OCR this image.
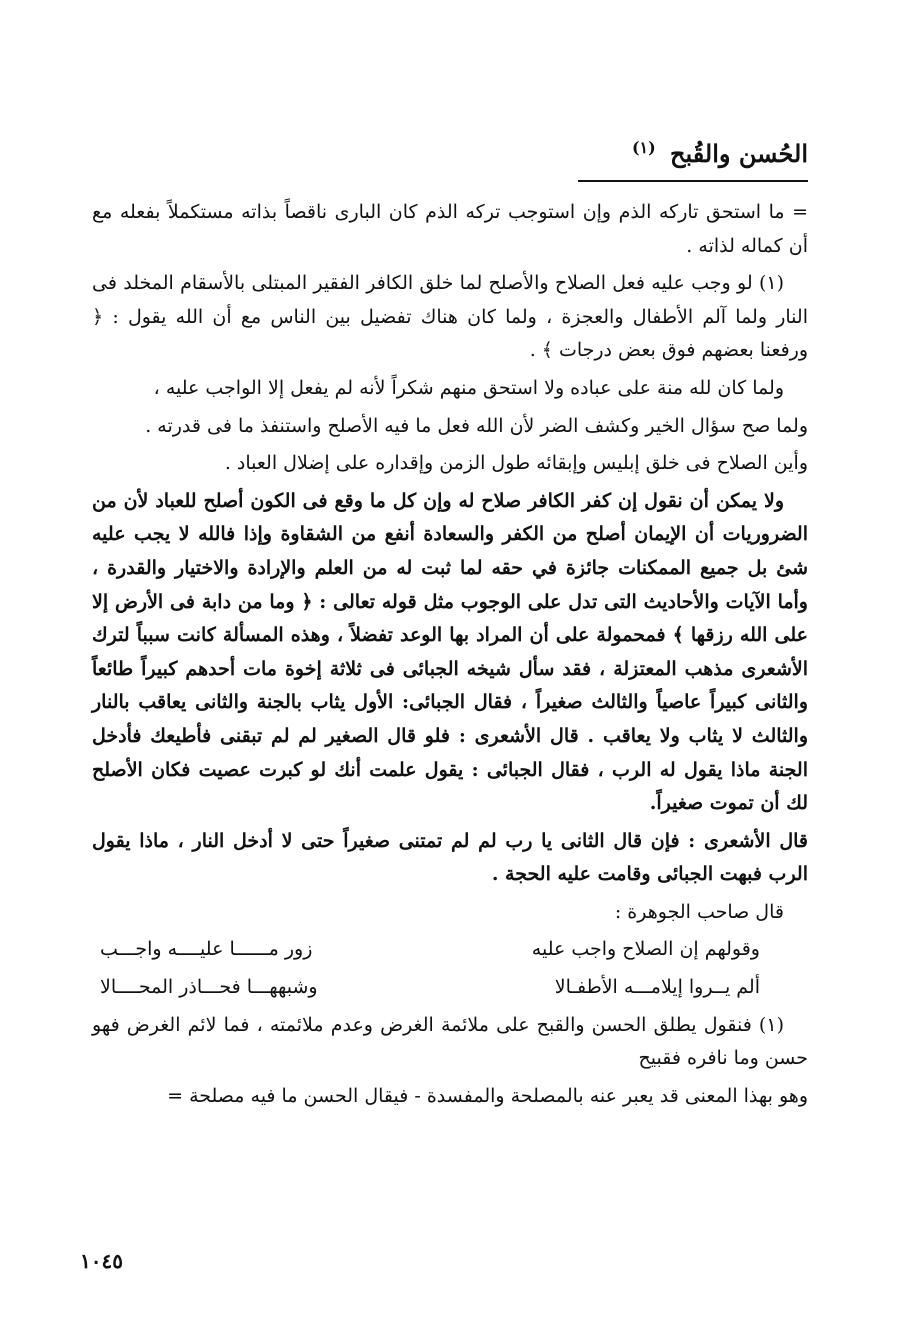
الحُسن والقُبح $^{(١)}$

= ما استحق تاركه الذم وإن استوجب تركه الذم كان البارى ناقصاً بذاته مستكملاً بفعله مع أن كماله لذاته .

(١) لو وجب عليه فعل الصلاح والأصلح لما خلق الكافر الفقير المبتلى بالأسقام المخلد فى النار ولما آلم الأطفال والعجزة ، ولما كان هناك تفضيل بين الناس مع أن الله يقول : ﴿ ورفعنا بعضهم فوق بعض درجات ﴾ .

ولما كان لله منة على عباده ولا استحق منهم شكراً لأنه لم يفعل إلا الواجب عليه ،

ولما صح سؤال الخير وكشف الضر لأن الله فعل ما فيه الأصلح واستنفذ ما فى قدرته .

وأين الصلاح فى خلق إبليس وإبقائه طول الزمن وإقداره على إضلال العباد .

ولا يمكن أن نقول إن كفر الكافر صلاح له وإن كل ما وقع فى الكون أصلح للعباد لأن من الضروريات أن الإيمان أصلح من الكفر والسعادة أنفع من الشقاوة وإذا فالله لا يجب عليه شئ بل جميع الممكنات جائزة في حقه لما ثبت له من العلم والإرادة والاختيار والقدرة ، وأما الآيات والأحاديث التى تدل على الوجوب مثل قوله تعالى : ﴿ وما من دابة فى الأرض إلا على الله رزقها ﴾ فمحمولة على أن المراد بها الوعد تفضلاً ، وهذه المسألة كانت سبباً لترك الأشعرى مذهب المعتزلة ، فقد سأل شيخه الجبائى فى ثلاثة إخوة مات أحدهم كبيراً طائعاً والثانى كبيراً عاصياً والثالث صغيراً ، فقال الجبائى: الأول يثاب بالجنة والثانى يعاقب بالنار والثالث لا يثاب ولا يعاقب . قال الأشعرى : فلو قال الصغير لم لم تبقنى فأطيعك فأدخل الجنة ماذا يقول له الرب ، فقال الجبائى : يقول علمت أنك لو كبرت عصيت فكان الأصلح لك أن تموت صغيراً.

قال الأشعرى : فإن قال الثانى يا رب لم لم تمتنى صغيراً حتى لا أدخل النار ، ماذا يقول الرب فبهت الجبائى وقامت عليه الحجة .

قال صاحب الجوهرة :

وقولهم إن الصلاح واجب عليه
زور مــــــا عليــــه واجـــب
ألم يــروا إيلامـــه الأطفـالا
وشبههـــا فحـــاذر المحــــالا

(١) فنقول يطلق الحسن والقبح على ملائمة الغرض وعدم ملائمته ، فما لائم الغرض فهو حسن وما نافره فقبيح

وهو بهذا المعنى قد يعبر عنه بالمصلحة والمفسدة - فيقال الحسن ما فيه مصلحة =

١٠٤٥
